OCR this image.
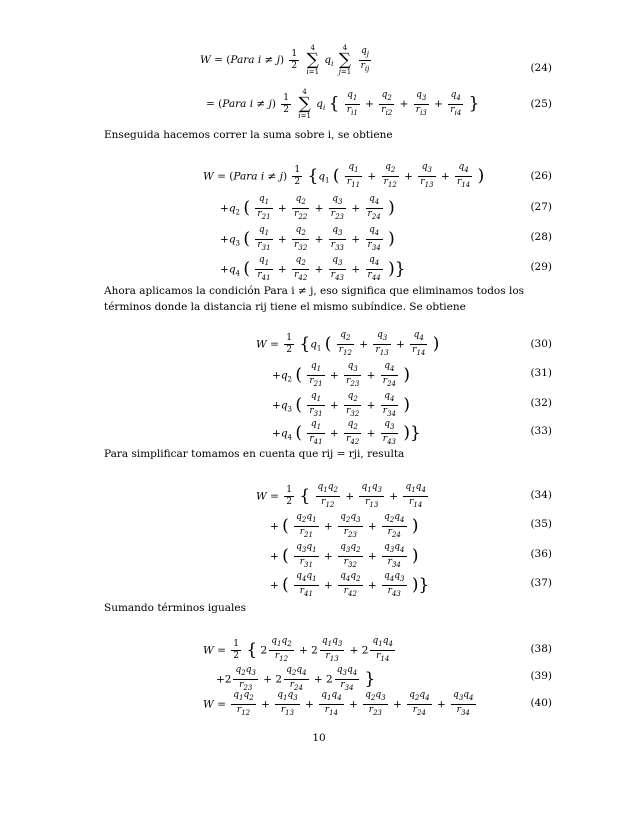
W = (Para $i \ne j) \frac{1}{2}$
4
∑
i=1 $q_i$ 4
∑
$j=1 \frac{q_j}{r_{ij}}$	(24)
= (Para $i \ne j) \frac{1}{2}$
4
∑
i=1 $q_i$ { $\frac{q_1}{r_{i1}} + \frac{q_2}{r_{i2}} + \frac{q_3}{r_{i3}} + \frac{q_4}{r_{i4}}$ }	(25)
Enseguida hacemos correr la suma sobre i, se obtiene
W = (Para $i \ne j) \frac{1}{2} \{q_1$ ( $\frac{q_1}{r_{11}} + \frac{q_2}{r_{12}} + \frac{q_3}{r_{13}} + \frac{q_4}{r_{14}}$ )	(26)
$+q_2$ ( $\frac{q_1}{r_{21}} + \frac{q_2}{r_{22}} + \frac{q_3}{r_{23}} + \frac{q_4}{r_{24}}$ )	(27)
$+q_3$ ( $\frac{q_1}{r_{31}} + \frac{q_2}{r_{32}} + \frac{q_3}{r_{33}} + \frac{q_4}{r_{34}}$ )	(28)
$+q_4$ ( $\frac{q_1}{r_{41}} + \frac{q_2}{r_{42}} + \frac{q_3}{r_{43}} + \frac{q_4}{r_{44}}$ )}	(29)
Ahora aplicamos la condición Para i ≠ j, eso significa que eliminamos todos los términos donde la distancia rij tiene el mismo subíndice. Se obtiene
$W = \frac{1}{2} \{q_1$ ( $\frac{q_2}{r_{12}} + \frac{q_3}{r_{13}} + \frac{q_4}{r_{14}}$ )	(30)
$+q_2$ ( $\frac{q_1}{r_{21}} + \frac{q_3}{r_{23}} + \frac{q_4}{r_{24}}$ )	(31)
$+q_3$ ( $\frac{q_1}{r_{31}} + \frac{q_2}{r_{32}} + \frac{q_4}{r_{34}}$ )	(32)
$+q_4$ ( $\frac{q_1}{r_{41}} + \frac{q_2}{r_{42}} + \frac{q_3}{r_{43}}$ )}	(33)
Para simplificar tomamos en cuenta que rij = rji, resulta
$W = \frac{1}{2}$ { $\frac{q_1q_2}{r_{12}} + \frac{q_1q_3}{r_{13}} + \frac{q_1q_4}{r_{14}}$	(34)
+ ( $\frac{q_2q_1}{r_{21}} + \frac{q_2q_3}{r_{23}} + \frac{q_2q_4}{r_{24}}$ )	(35)
+ ( $\frac{q_3q_1}{r_{31}} + \frac{q_3q_2}{r_{32}} + \frac{q_3q_4}{r_{34}}$ )	(36)
+ ( $\frac{q_4q_1}{r_{41}} + \frac{q_4q_2}{r_{42}} + \frac{q_4q_3}{r_{43}}$ )}	(37)
Sumando términos iguales
$W = \frac{1}{2}$ { $2 \frac{q_1q_2}{r_{12}} + 2 \frac{q_1q_3}{r_{13}} + 2 \frac{q_1q_4}{r_{14}}$	(38)
$+2 \frac{q_2q_3}{r_{23}} + 2 \frac{q_2q_4}{r_{24}} + 2 \frac{q_3q_4}{r_{34}}$ }	(39)
$W = \frac{q_1q_2}{r_{12}} + \frac{q_1q_3}{r_{13}} + \frac{q_1q_4}{r_{14}} + \frac{q_2q_3}{r_{23}} + \frac{q_2q_4}{r_{24}} + \frac{q_3q_4}{r_{34}}$	(40)
10
